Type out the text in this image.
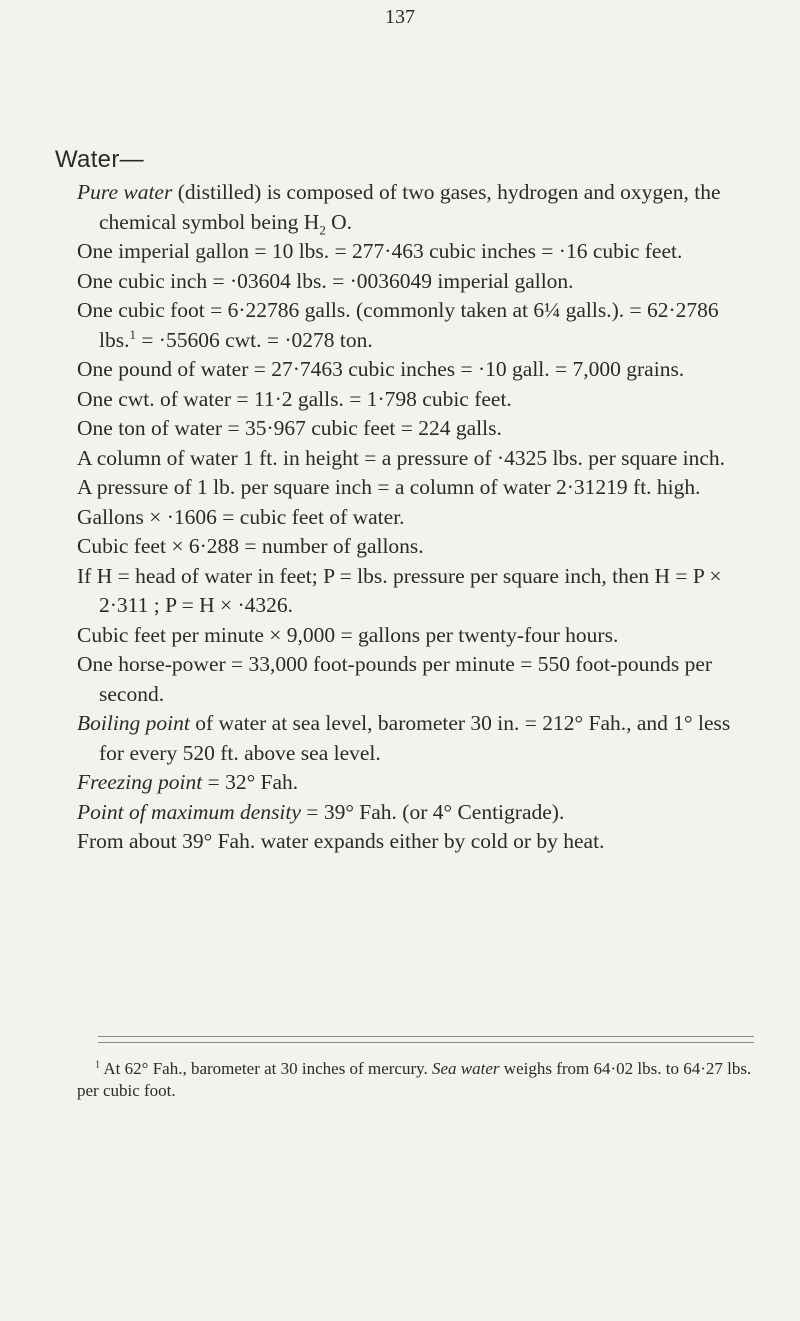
137
Water—

Pure water (distilled) is composed of two gases, hydrogen and oxygen, the chemical symbol being $H_2$ O.

One imperial gallon = 10 lbs. = 277·463 cubic inches = ·16 cubic feet.

One cubic inch = ·03604 lbs. = ·0036049 imperial gallon.

One cubic foot = 6·22786 galls. (commonly taken at 6¼ galls.). = 62·2786 lbs.$^1$ = ·55606 cwt. = ·0278 ton.

One pound of water = 27·7463 cubic inches = ·10 gall. = 7,000 grains.

One cwt. of water = 11·2 galls. = 1·798 cubic feet.

One ton of water = 35·967 cubic feet = 224 galls.

A column of water 1 ft. in height = a pressure of ·4325 lbs. per square inch.

A pressure of 1 lb. per square inch = a column of water 2·31219 ft. high.

Gallons × ·1606 = cubic feet of water.

Cubic feet × 6·288 = number of gallons.

If H = head of water in feet; P = lbs. pressure per square inch, then H = P × 2·311 ; P = H × ·4326.

Cubic feet per minute × 9,000 = gallons per twenty-four hours.

One horse-power = 33,000 foot-pounds per minute = 550 foot-pounds per second.

Boiling point of water at sea level, barometer 30 in. = 212° Fah., and 1° less for every 520 ft. above sea level.

Freezing point = 32° Fah.

Point of maximum density = 39° Fah. (or 4° Centigrade).

From about 39° Fah. water expands either by cold or by heat.

$^1$ At 62° Fah., barometer at 30 inches of mercury. Sea water weighs from 64·02 lbs. to 64·27 lbs. per cubic foot.
